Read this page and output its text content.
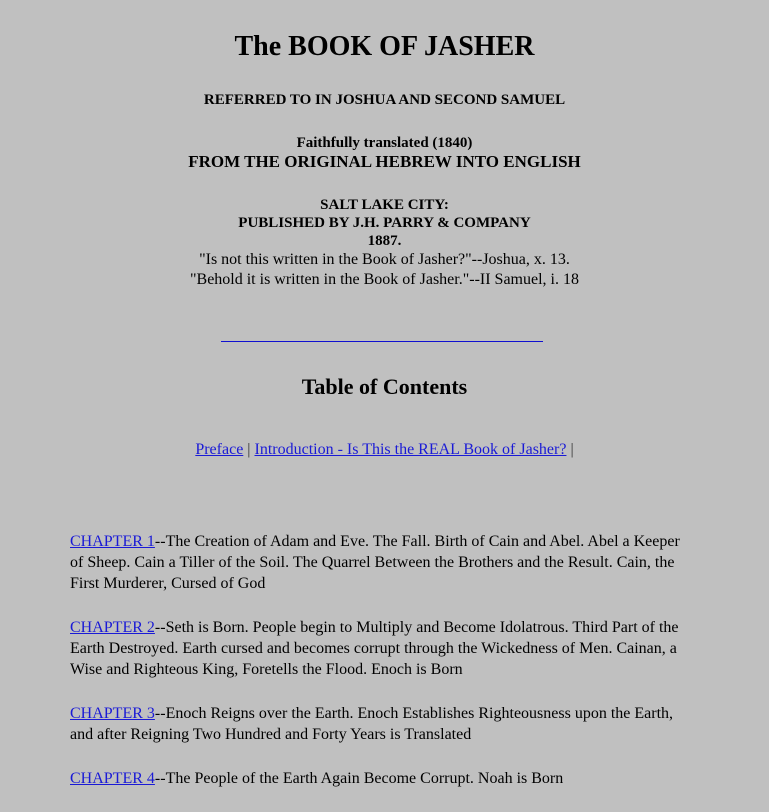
The BOOK OF JASHER
REFERRED TO IN JOSHUA AND SECOND SAMUEL
Faithfully translated (1840)
FROM THE ORIGINAL HEBREW INTO ENGLISH
SALT LAKE CITY:
PUBLISHED BY J.H. PARRY & COMPANY
1887.
"Is not this written in the Book of Jasher?"--Joshua, x. 13.
"Behold it is written in the Book of Jasher."--II Samuel, i. 18
Table of Contents
Preface | Introduction - Is This the REAL Book of Jasher? |
CHAPTER 1--The Creation of Adam and Eve. The Fall. Birth of Cain and Abel. Abel a Keeper of Sheep. Cain a Tiller of the Soil. The Quarrel Between the Brothers and the Result. Cain, the First Murderer, Cursed of God
CHAPTER 2--Seth is Born. People begin to Multiply and Become Idolatrous. Third Part of the Earth Destroyed. Earth cursed and becomes corrupt through the Wickedness of Men. Cainan, a Wise and Righteous King, Foretells the Flood. Enoch is Born
CHAPTER 3--Enoch Reigns over the Earth. Enoch Establishes Righteousness upon the Earth, and after Reigning Two Hundred and Forty Years is Translated
CHAPTER 4--The People of the Earth Again Become Corrupt. Noah is Born
